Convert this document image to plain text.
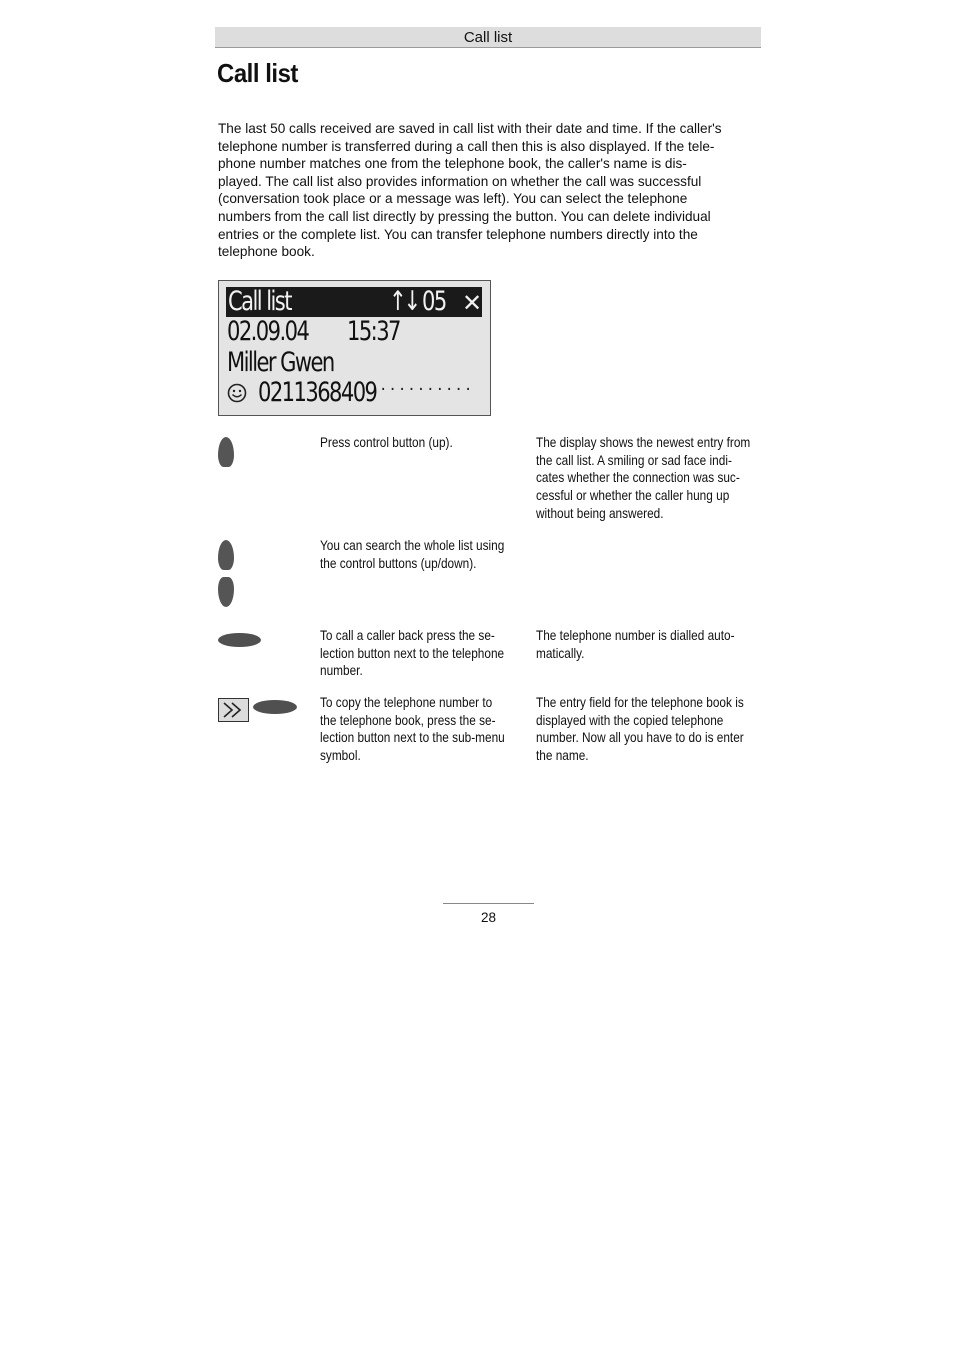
Call list
Call list

The last 50 calls received are saved in call list with their date and time. If the caller's
telephone number is transferred during a call then this is also displayed. If the tele-
phone number matches one from the telephone book, the caller's name is dis-
played. The call list also provides information on whether the call was successful
(conversation took place or a message was left). You can select the telephone
numbers from the call list directly by pressing the button. You can delete individual
entries or the complete list. You can transfer telephone numbers directly into the
telephone book.

Call list	↑↓ 05 ✕
02.09.04 15:37
Miller Gwen
0211368409 ··········
Press control button (up).	The display shows the newest entry from
the call list. A smiling or sad face indi-
cates whether the connection was suc-
cessful or whether the caller hung up
without being answered.
You can search the whole list using
the control buttons (up/down).
To call a caller back press the se-
lection button next to the telephone
number.
The telephone number is dialled auto-
matically.
To copy the telephone number to
the telephone book, press the se-
lection button next to the sub-menu
symbol.
The entry field for the telephone book is
displayed with the copied telephone
number. Now all you have to do is enter
the name.
28
